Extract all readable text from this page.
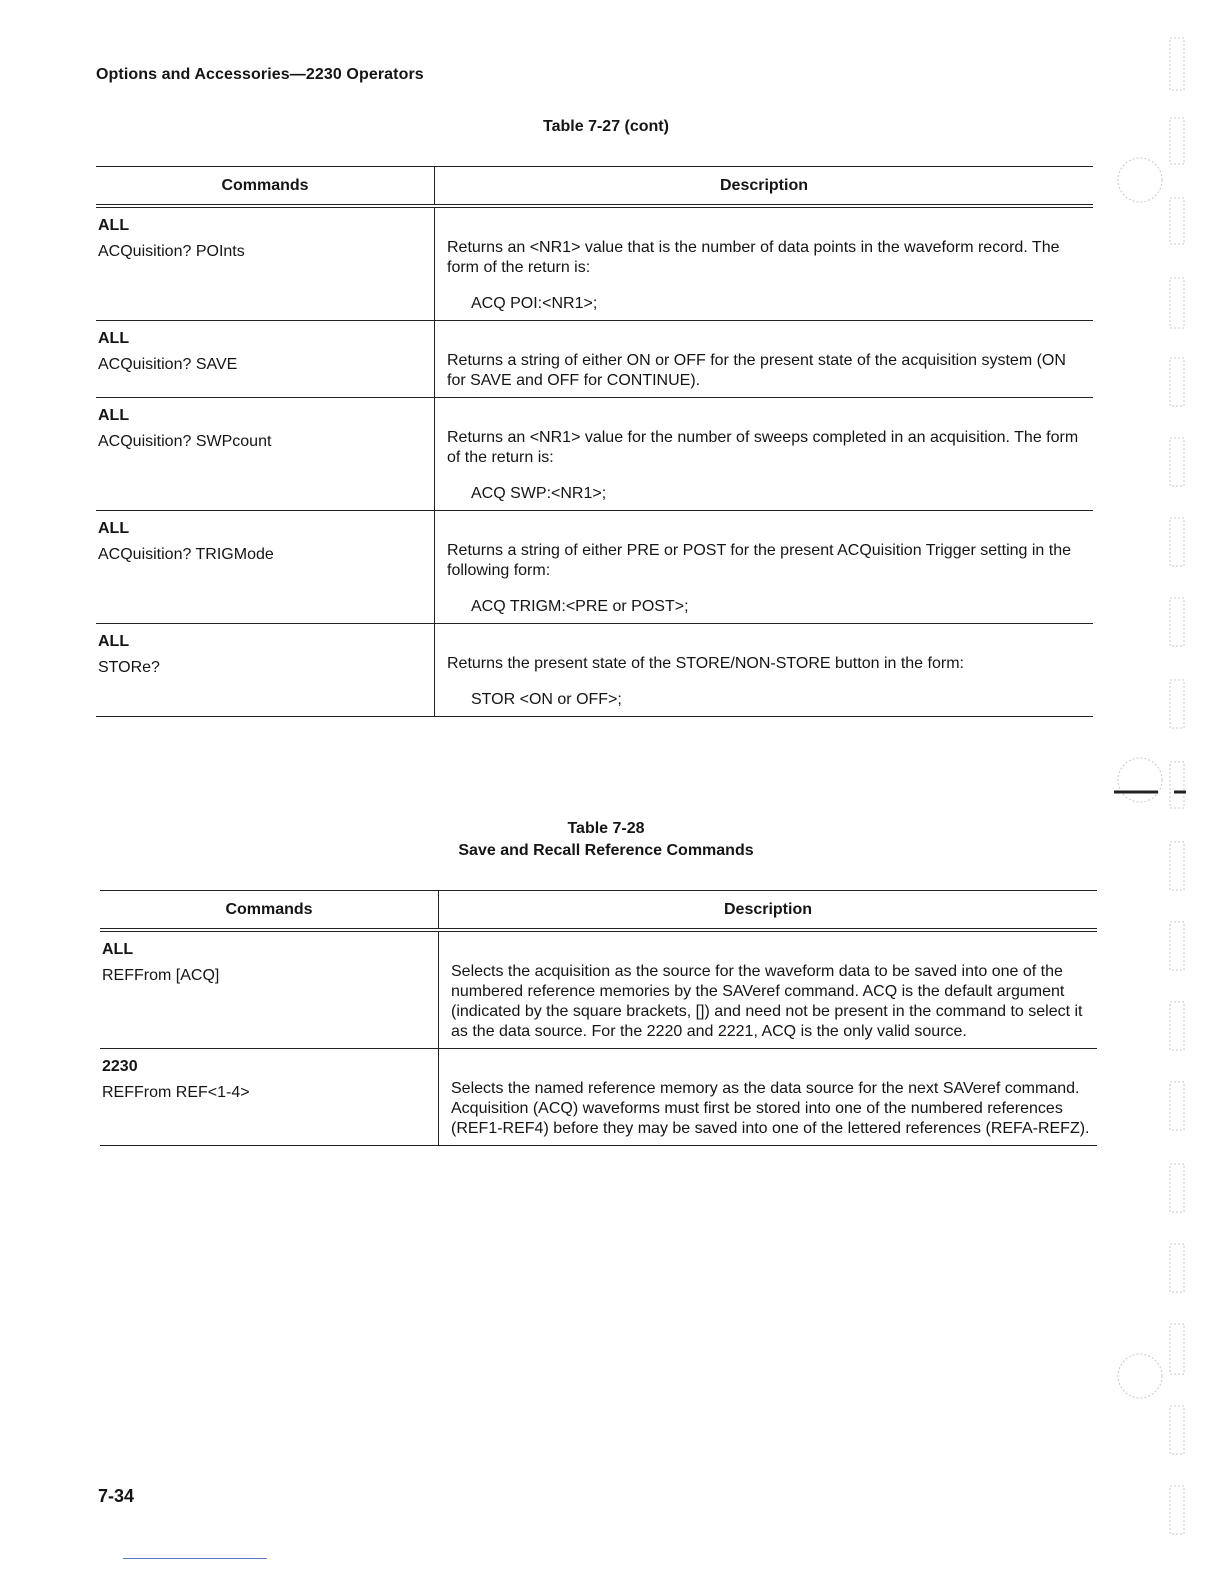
Options and Accessories—2230 Operators
Table 7-27 (cont)
Commands	Description

ALL
ACQuisition? POInts	Returns an <NR1> value that is the number of data points in the waveform record. The form of the return is:
ACQ POI:<NR1>;

ALL
ACQuisition? SAVE	Returns a string of either ON or OFF for the present state of the acquisition system (ON for SAVE and OFF for CONTINUE).

ALL
ACQuisition? SWPcount	Returns an <NR1> value for the number of sweeps completed in an acquisition. The form of the return is:
ACQ SWP:<NR1>;

ALL
ACQuisition? TRIGMode	Returns a string of either PRE or POST for the present ACQuisition Trigger setting in the following form:
ACQ TRIGM:<PRE or POST>;

ALL
STORe?	Returns the present state of the STORE/NON-STORE button in the form:
STOR <ON or OFF>;
Table 7-28
Save and Recall Reference Commands
Commands	Description

ALL
REFFrom [ACQ]	Selects the acquisition as the source for the waveform data to be saved into one of the numbered reference memories by the SAVeref command. ACQ is the default argument (indicated by the square brackets, []) and need not be present in the command to select it as the data source. For the 2220 and 2221, ACQ is the only valid source.

2230
REFFrom REF<1-4>	Selects the named reference memory as the data source for the next SAVeref command. Acquisition (ACQ) waveforms must first be stored into one of the numbered references (REF1-REF4) before they may be saved into one of the lettered references (REFA-REFZ).
7-34
